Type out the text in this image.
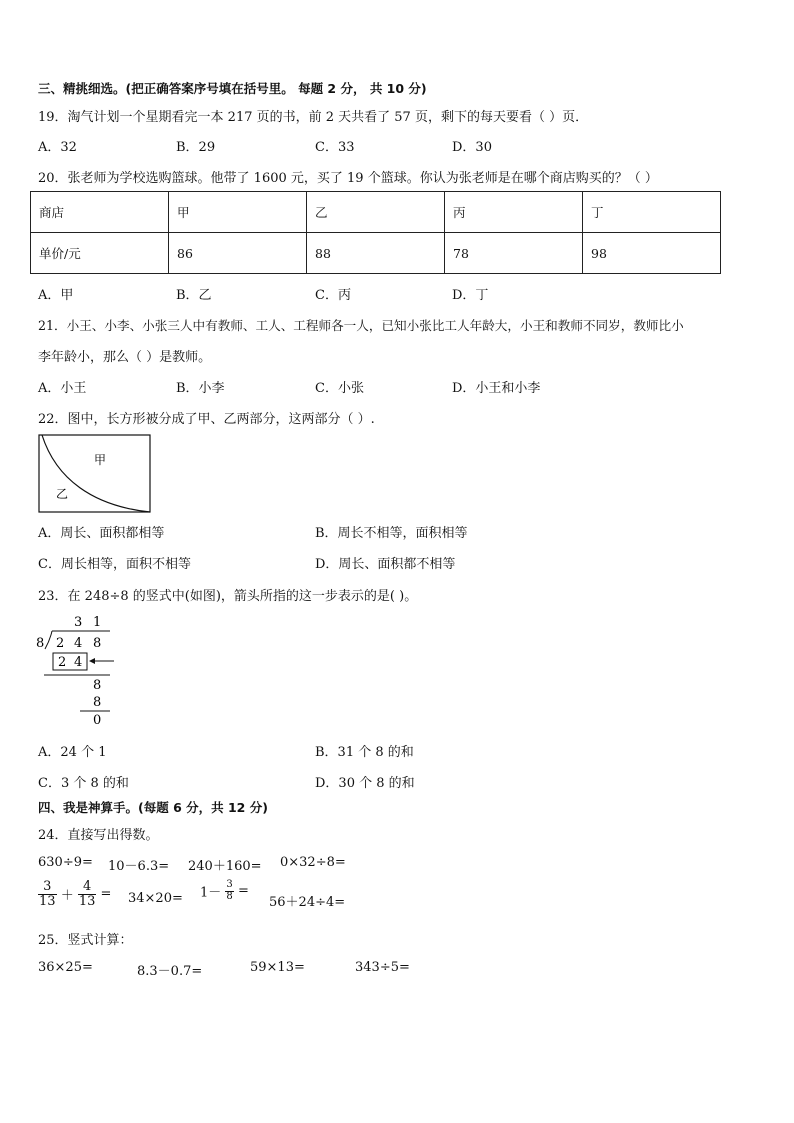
三、精挑细选。(把正确答案序号填在括号里。 每题 2 分， 共 10 分)
19．淘气计划一个星期看完一本 217 页的书，前 2 天共看了 57 页，剩下的每天要看（ ）页．
A．32	B．29	C．33	D．30
20．张老师为学校选购篮球。他带了 1600 元，买了 19 个篮球。你认为张老师是在哪个商店购买的？（ ）
商店	甲	乙	丙	丁
单价/元	86	88	78	98
A．甲	B．乙	C．丙	D．丁
21．小王、小李、小张三人中有教师、工人、工程师各一人，已知小张比工人年龄大，小王和教师不同岁，教师比小
李年龄小，那么（ ）是教师。
A．小王	B．小李	C．小张	D．小王和小李
22．图中，长方形被分成了甲、乙两部分，这两部分（ ）.
甲
乙
A．周长、面积都相等	B．周长不相等，面积相等
C．周长相等，面积不相等	D．周长、面积都不相等
23．在 248÷8 的竖式中(如图)，箭头所指的这一步表示的是( )。
3 1
8 2 4 8
2 4
8
8
0
A．24 个 1	B．31 个 8 的和
C．3 个 8 的和	D．30 个 8 的和
四、我是神算手。(每题 6 分，共 12 分)
24．直接写出得数。
630÷9= 10－6.3= 240＋160= 0×32÷8=
$\frac{3}{13} + \frac{4}{13} = 34\times 20= 1- \frac{3}{8}$ =
56＋24÷4=
25．竖式计算：
36×25=	8.3－0.7=	59×13=	343÷5=
